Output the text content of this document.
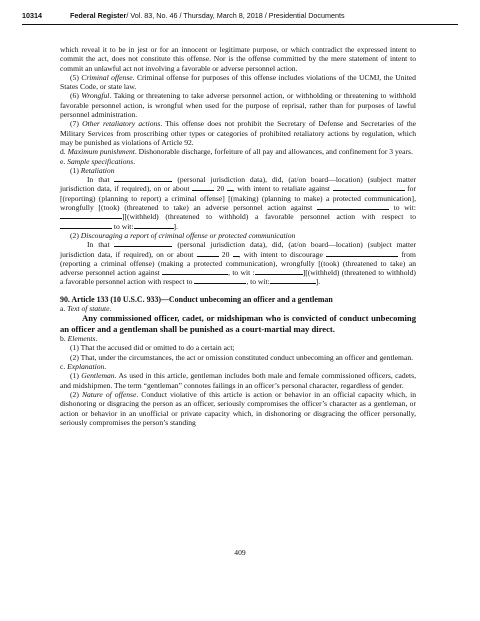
10314	Federal Register/ Vol. 83, No. 46 / Thursday, March 8, 2018 / Presidential Documents

which reveal it to be in jest or for an innocent or legitimate purpose, or which contradict the expressed intent to commit the act, does not constitute this offense. Nor is the offense committed by the mere statement of intent to commit an unlawful act not involving a favorable or adverse personnel action.

(5) Criminal offense. Criminal offense for purposes of this offense includes violations of the UCMJ, the United States Code, or state law.

(6) Wrongful. Taking or threatening to take adverse personnel action, or withholding or threatening to withhold favorable personnel action, is wrongful when used for the purpose of reprisal, rather than for purposes of lawful personnel administration.

(7) Other retaliatory actions. This offense does not prohibit the Secretary of Defense and Secretaries of the Military Services from proscribing other types or categories of prohibited retaliatory actions by regulation, which may be punished as violations of Article 92.

d. Maximum punishment. Dishonorable discharge, forfeiture of all pay and allowances, and confinement for 3 years.

e. Sample specifications.

(1) Retaliation

In that	(personal jurisdiction data), did, (at/on board—location) (subject matter jurisdiction data, if required), on or about	20 , with intent to retaliate against	for [(reporting) (planning to report) a criminal offense] [(making) (planning to make) a protected communication], wrongfully [(took) (threatened to take) an adverse personnel action against	to wit:][(withheld) (threatened to withhold) a favorable personnel action with respect to  to wit:	].

(2) Discouraging a report of criminal offense or protected communication

In that	(personal jurisdiction data), did, (at/on board—location) (subject matter jurisdiction data, if required), on or about	20 , with intent to discourage	from (reporting a criminal offense) (making a protected communication), wrongfully [(took) (threatened to take) an adverse personnel action against	, to wit :	][(withheld) (threatened to withhold) a favorable personnel action with respect to	, to wit:	].

90. Article 133 (10 U.S.C. 933)—Conduct unbecoming an officer and a gentleman

a. Text of statute.

Any commissioned officer, cadet, or midshipman who is convicted of conduct unbecoming an officer and a gentleman shall be punished as a court-martial may direct.

b. Elements.

(1) That the accused did or omitted to do a certain act;

(2) That, under the circumstances, the act or omission constituted conduct unbecoming an officer and gentleman.

c. Explanation.

(1) Gentleman. As used in this article, gentleman includes both male and female commissioned officers, cadets, and midshipmen. The term “gentleman” connotes failings in an officer’s personal character, regardless of gender.

(2) Nature of offense. Conduct violative of this article is action or behavior in an official capacity which, in dishonoring or disgracing the person as an officer, seriously compromises the officer’s character as a gentleman, or action or behavior in an unofficial or private capacity which, in dishonoring or disgracing the officer personally, seriously compromises the person’s standing

409
